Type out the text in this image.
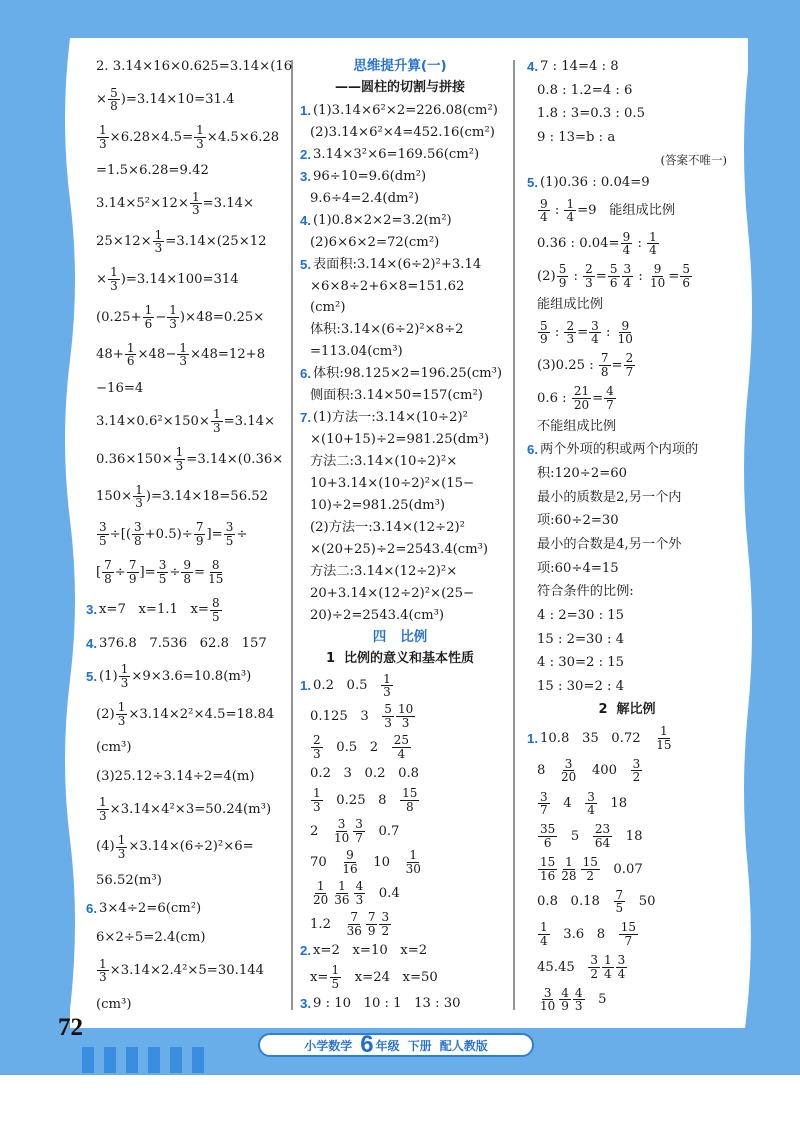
2. 3.14×16×0.625=3.14×(16
× $\frac{5}{8} )=3.14\times 10=31.4$
$\frac{1}{3} \times 6.28\times 4.5= \frac{1}{3} \times 4.5\times 6.28$
=1.5×6.28=9.42
$3.14\times 5^2\times 12\times \frac{1}{3} =3.14\times$
$25\times 12\times \frac{1}{3} =3.14\times(25\times 12$
× $\frac{1}{3} )=3.14\times 100=314$
$(0.25+ \frac{1}{6} - \frac{1}{3} )\times 48=0.25\times$
$48+ \frac{1}{6} \times 48- \frac{1}{3} \times 48=12+8$
−16=4
$3.14\times 0.6^2\times 150\times \frac{1}{3} =3.14\times$
$0.36\times 150\times \frac{1}{3} =3.14\times(0.36\times$
$150\times \frac{1}{3} )=3.14\times 18=56.52$
$\frac{3}{5}$ ÷[( $\frac{3}{8} +0.5)\div \frac{7}{9}$ ]= $\frac{3}{5}$ ÷
[ $\frac{7}{8} \div \frac{7}{9}$ ]= $\frac{3}{5} \div \frac{9}{8} = \frac{8}{15}$
3. x=7   x=1.1   $x= \frac{8}{5}$
4. 376.8   7.536   62.8   157
5. $(1) \frac{1}{3} \times 9\times 3.6=10.8(m^3)$
$(2) \frac{1}{3} \times 3.14\times 2^2\times 4.5=18.84$
(cm³)
(3)25.12÷3.14÷2=4(m)
$\frac{1}{3} \times 3.14\times 4^2\times 3=50.24(m^3)$
$(4) \frac{1}{3} \times 3.14\times(6\div 2)^2\times 6=$
56.52(m³)
6. 3×4÷2=6(cm²)
6×2÷5=2.4(cm)
$\frac{1}{3} \times 3.14\times 2.4^2\times 5=30.144$
(cm³)
思维提升算(一)
——圆柱的切割与拼接
1. (1)3.14×6²×2=226.08(cm²)
(2)3.14×6²×4=452.16(cm²)
2. 3.14×3²×6=169.56(cm²)
3. 96÷10=9.6(dm²)
9.6÷4=2.4(dm²)
4. (1)0.8×2×2=3.2(m²)
(2)6×6×2=72(cm²)
5. 表面积:3.14×(6÷2)²+3.14
×6×8÷2+6×8=151.62
(cm²)
体积:3.14×(6÷2)²×8÷2
=113.04(cm³)
6. 体积:98.125×2=196.25(cm³)
侧面积:3.14×50=157(cm²)
7. (1)方法一:3.14×(10÷2)²
×(10+15)÷2=981.25(dm³)
方法二:3.14×(10÷2)²×
10+3.14×(10÷2)²×(15−
10)÷2=981.25(dm³)
(2)方法一:3.14×(12÷2)²
×(20+25)÷2=2543.4(cm³)
方法二:3.14×(12÷2)²×
20+3.14×(12÷2)²×(25−
20)÷2=2543.4(cm³)
四   比例
1  比例的意义和基本性质
1. 0.2   $0.5 \frac{1}{3}$
0.125   $3 \frac{5}{3} \frac{10}{3}$
$\frac{2}{3} 0.5$   $2 \frac{25}{4}$
0.2   3   0.2   0.8
$\frac{1}{3} 0.25$   $8 \frac{15}{8}$
$2 \frac{3}{10} \frac{3}{7} 0.7$
$70 \frac{9}{16} 10 \frac{1}{30}$
$\frac{1}{20} \frac{1}{36} \frac{4}{3} 0.4$
$1.2 \frac{7}{36} \frac{7}{9} \frac{3}{2}$
2. x=2   x=10   x=2
$x= \frac{1}{5} x=24$   x=50
3. 9 : 10   10 : 1   13 : 30
4. 7 : 14=4 : 8
0.8 : 1.2=4 : 6
1.8 : 3=0.3 : 0.5
9 : 13=b : a
(答案不唯一)
5. (1)0.36 : 0.04=9
$\frac{9}{4}$ : $\frac{1}{4} =9$   能组成比例
0.36 : $0.04= \frac{9}{4}$ : $\frac{1}{4}$
$(2) \frac{5}{9}$ : $\frac{2}{3} = \frac{5}{6} \frac{3}{4}$ : $\frac{9}{10} = \frac{5}{6}$
能组成比例
$\frac{5}{9}$ : $\frac{2}{3} = \frac{3}{4}$ : $\frac{9}{10}$
(3)0.25 : $\frac{7}{8} = \frac{2}{7}$
0.6 : $\frac{21}{20} = \frac{4}{7}$
不能组成比例
6. 两个外项的积或两个内项的
积:120÷2=60
最小的质数是2,另一个内
项:60÷2=30
最小的合数是4,另一个外
项:60÷4=15
符合条件的比例:
4 : 2=30 : 15
15 : 2=30 : 4
4 : 30=2 : 15
15 : 30=2 : 4
2  解比例
1. 10.8   35   $0.72 \frac{1}{15}$
$8 \frac{3}{20} 400 \frac{3}{2}$
$\frac{3}{7} 4 \frac{3}{4} 18$
$\frac{35}{6} 5 \frac{23}{64} 18$
$\frac{15}{16} \frac{1}{28} \frac{15}{2} 0.07$
0.8   $0.18 \frac{7}{5} 50$
$\frac{1}{4} 3.6$   $8 \frac{15}{7}$
$45.45 \frac{3}{2} \frac{1}{4} \frac{3}{4}$
$\frac{3}{10} \frac{4}{9} \frac{4}{3} 5$
72
小学数学 6 年级 下册 配人教版
